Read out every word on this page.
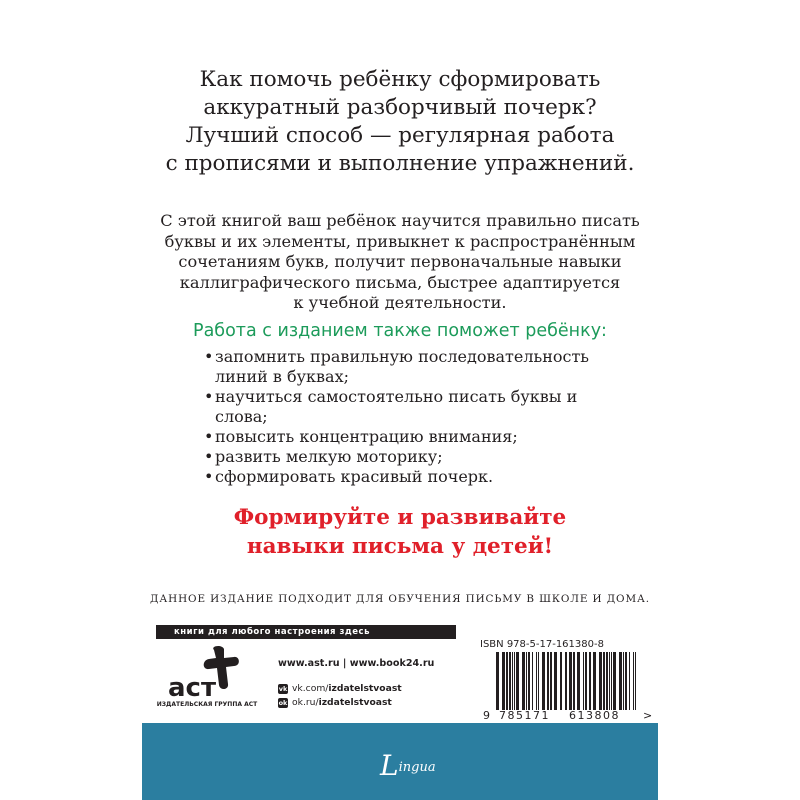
Как помочь ребёнку сформировать
аккуратный разборчивый почерк?
Лучший способ — регулярная работа
с прописями и выполнение упражнений.
С этой книгой ваш ребёнок научится правильно писать
буквы и их элементы, привыкнет к распространённым
сочетаниям букв, получит первоначальные навыки
каллиграфического письма, быстрее адаптируется
к учебной деятельности.
Работа с изданием также поможет ребёнку:
• запомнить правильную последовательность
линий в буквах;
• научиться самостоятельно писать буквы и
слова;
• повысить концентрацию внимания;
• развить мелкую моторику;
• сформировать красивый почерк.
Формируйте и развивайте
навыки письма у детей!
ДАННОЕ ИЗДАНИЕ ПОДХОДИТ ДЛЯ ОБУЧЕНИЯ ПИСЬМУ В ШКОЛЕ И ДОМА.
книги для любого настроения здесь
аст
ИЗДАТЕЛЬСКАЯ ГРУППА АСТ
www.ast.ru | www.book24.ru
vk vk.com/ izdatelstvoast
ok ok.ru/ izdatelstvoast
ISBN 978-5-17-161380-8
9 785171 613808 >
Lingua
